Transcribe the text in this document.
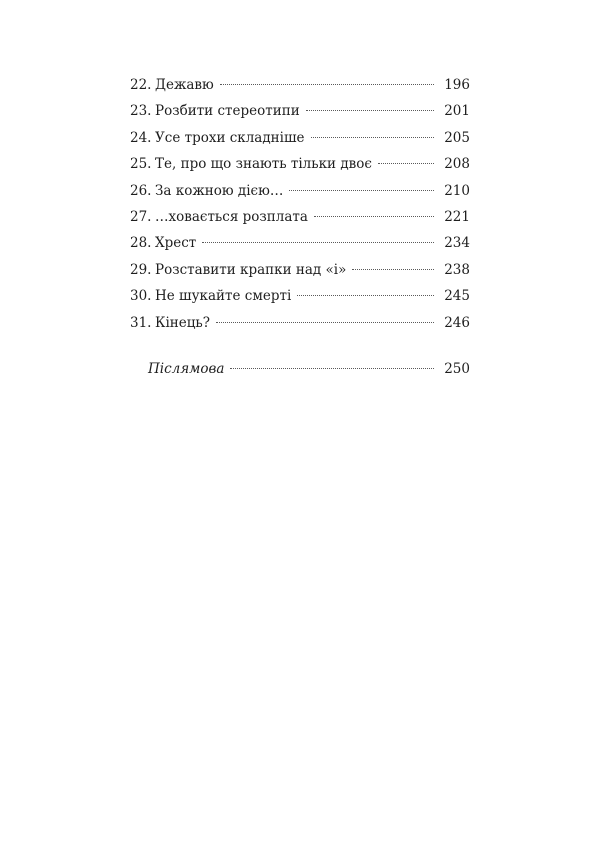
22. Дежавю	196
23. Розбити стереотипи	201
24. Усе трохи складніше	205
25. Те, про що знають тільки двоє	208
26. За кожною дією…	210
27. …ховається розплата	221
28. Хрест	234
29. Розставити крапки над «і»	238
30. Не шукайте смерті	245
31. Кінець?	246
Післямова	250
